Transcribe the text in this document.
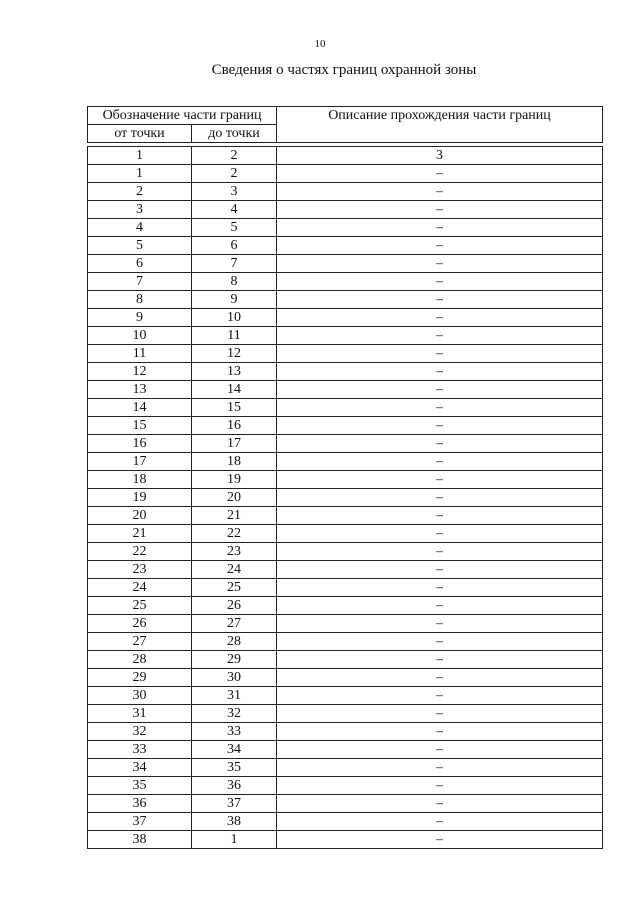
10
Сведения о частях границ охранной зоны
Обозначение части границ		Описание прохождения части границ
от точки	до точки	

1	2	3
1	2	–
2	3	–
3	4	–
4	5	–
5	6	–
6	7	–
7	8	–
8	9	–
9	10	–
10	11	–
11	12	–
12	13	–
13	14	–
14	15	–
15	16	–
16	17	–
17	18	–
18	19	–
19	20	–
20	21	–
21	22	–
22	23	–
23	24	–
24	25	–
25	26	–
26	27	–
27	28	–
28	29	–
29	30	–
30	31	–
31	32	–
32	33	–
33	34	–
34	35	–
35	36	–
36	37	–
37	38	–
38	1	–
